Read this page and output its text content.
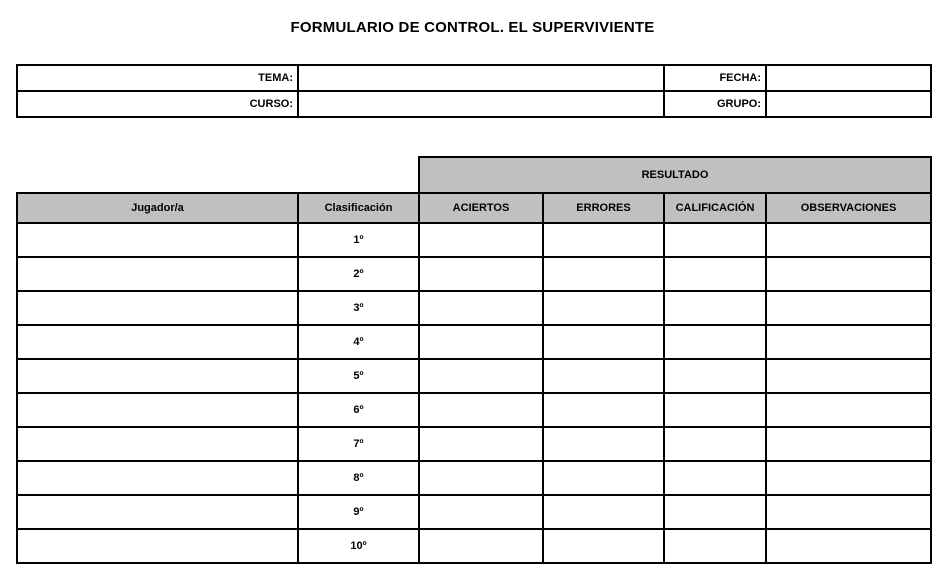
FORMULARIO DE CONTROL. EL SUPERVIVIENTE
TEMA:		FECHA:	
CURSO:		GRUPO:	
		RESULTADO			
Jugador/a	Clasificación	ACIERTOS	ERRORES	CALIFICACIÓN	OBSERVACIONES
	1º				
	2º				
	3º				
	4º				
	5º				
	6º				
	7º				
	8º				
	9º				
	10º				
